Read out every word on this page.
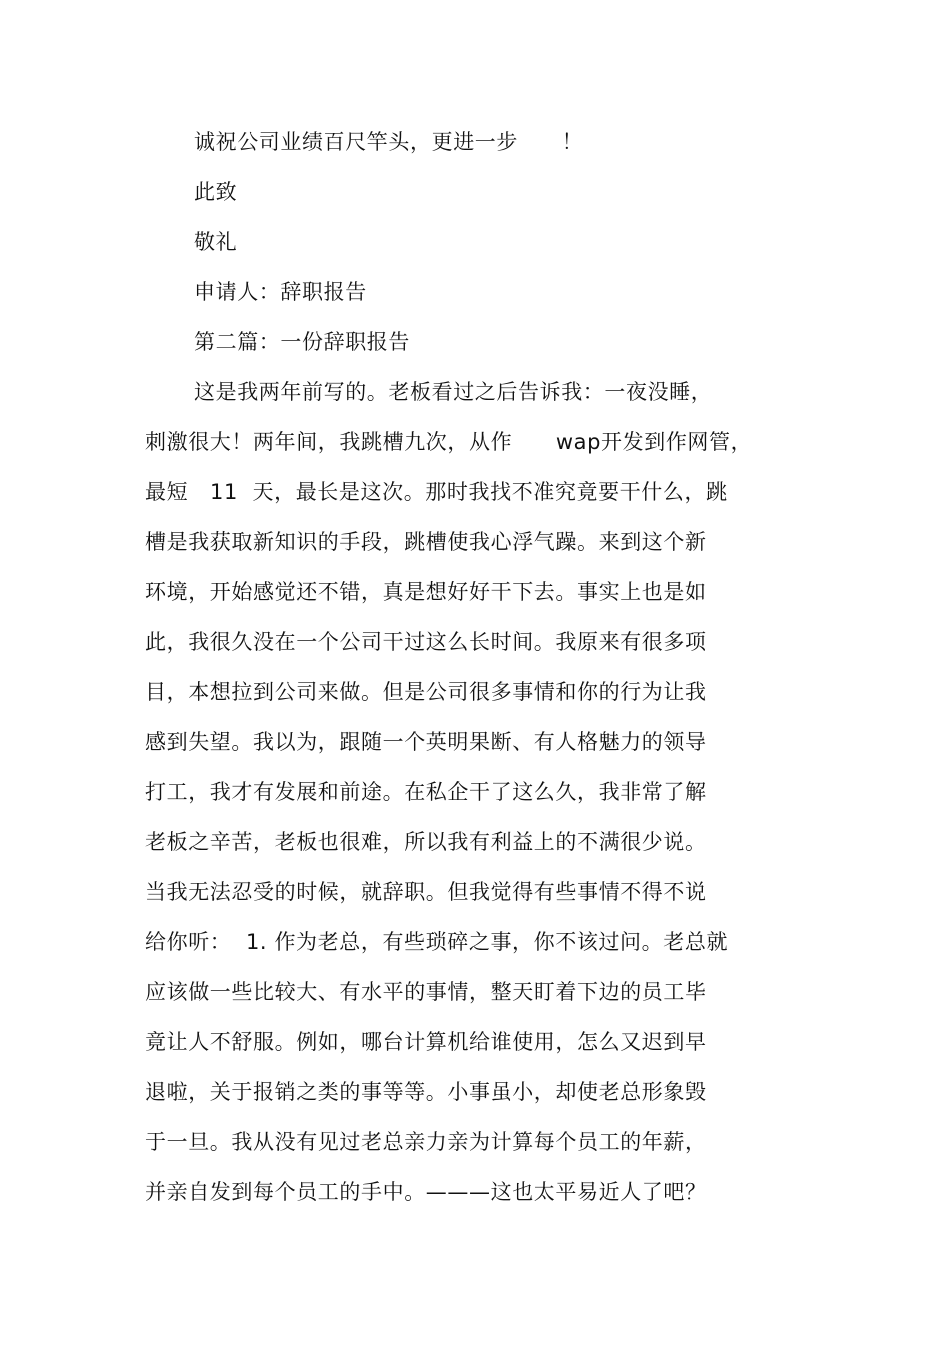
诚祝公司业绩百尺竿头，更进一步      ！
此致
敬礼
申请人：辞职报告
第二篇：一份辞职报告
这是我两年前写的。老板看过之后告诉我：一夜没睡，
刺激很大！两年间，我跳槽九次，从作      wap开发到作网管，
最短   11  天，最长是这次。那时我找不准究竟要干什么，跳
槽是我获取新知识的手段，跳槽使我心浮气躁。来到这个新
环境，开始感觉还不错，真是想好好干下去。事实上也是如
此，我很久没在一个公司干过这么长时间。我原来有很多项
目，本想拉到公司来做。但是公司很多事情和你的行为让我
感到失望。我以为，跟随一个英明果断、有人格魅力的领导
打工，我才有发展和前途。在私企干了这么久，我非常了解
老板之辛苦，老板也很难，所以我有利益上的不满很少说。
当我无法忍受的时候，就辞职。但我觉得有些事情不得不说
给你听：  1. 作为老总，有些琐碎之事，你不该过问。老总就
应该做一些比较大、有水平的事情，整天盯着下边的员工毕
竟让人不舒服。例如，哪台计算机给谁使用，怎么又迟到早
退啦，关于报销之类的事等等。小事虽小，却使老总形象毁
于一旦。我从没有见过老总亲力亲为计算每个员工的年薪，
并亲自发到每个员工的手中。———这也太平易近人了吧？
